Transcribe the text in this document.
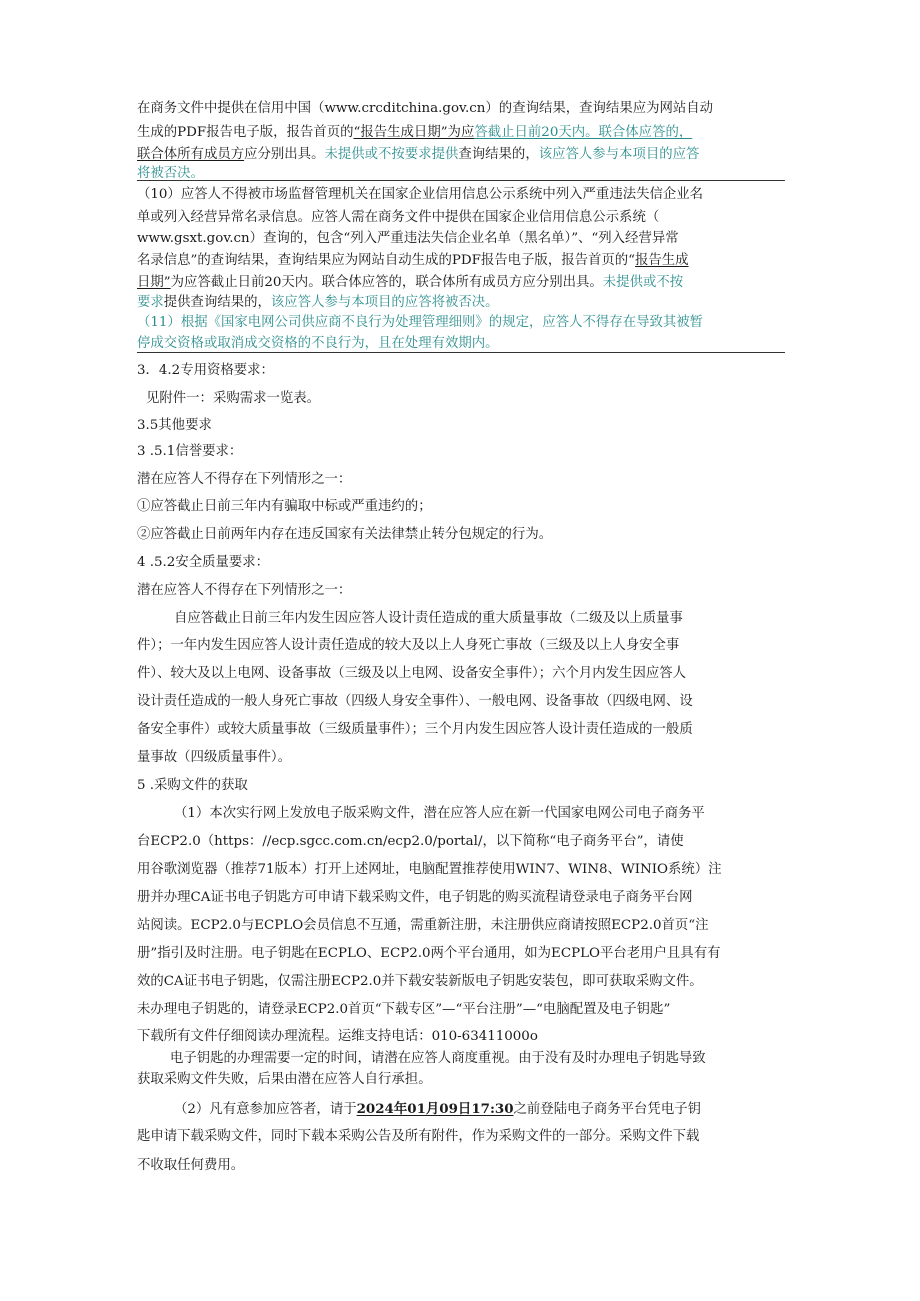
在商务文件中提供在信用中国（www.crcditchina.gov.cn）的查询结果，查询结果应为网站自动
生成的PDF报告电子版，报告首页的“报告生成日期”为应答截止日前20天内。联合体应答的，
联合体所有成员方应分别出具。未提供或不按要求提供查询结果的，该应答人参与本项目的应答
将被否决。
（10）应答人不得被市场监督管理机关在国家企业信用信息公示系统中列入严重违法失信企业名
单或列入经营异常名录信息。应答人需在商务文件中提供在国家企业信用信息公示系统（
www.gsxt.gov.cn）查询的，包含“列入严重违法失信企业名单（黑名单）”、“列入经营异常
名录信息”的查询结果，查询结果应为网站自动生成的PDF报告电子版，报告首页的“报告生成
日期”为应答截止日前20天内。联合体应答的，联合体所有成员方应分别出具。未提供或不按
要求提供查询结果的，该应答人参与本项目的应答将被否决。
（11）根据《国家电网公司供应商不良行为处理管理细则》的规定，应答人不得存在导致其被暂
停成交资格或取消成交资格的不良行为，且在处理有效期内。
3．4.2专用资格要求：
见附件一：采购需求一览表。
3.5其他要求
3 .5.1信誉要求：
潜在应答人不得存在下列情形之一：
①应答截止日前三年内有骗取中标或严重违约的；
②应答截止日前两年内存在违反国家有关法律禁止转分包规定的行为。
4 .5.2安全质量要求：
潜在应答人不得存在下列情形之一：
自应答截止日前三年内发生因应答人设计责任造成的重大质量事故（二级及以上质量事
件）；一年内发生因应答人设计责任造成的较大及以上人身死亡事故（三级及以上人身安全事
件）、较大及以上电网、设备事故（三级及以上电网、设备安全事件）；六个月内发生因应答人
设计责任造成的一般人身死亡事故（四级人身安全事件）、一般电网、设备事故（四级电网、设
备安全事件）或较大质量事故（三级质量事件）；三个月内发生因应答人设计责任造成的一般质
量事故（四级质量事件）。
5 .采购文件的获取
（1）本次实行网上发放电子版采购文件，潜在应答人应在新一代国家电网公司电子商务平
台ECP2.0（https：//ecp.sgcc.com.cn/ecp2.0/portal/，以下简称“电子商务平台”，请使
用谷歌浏览器（推荐71版本）打开上述网址，电脑配置推荐使用WIN7、WIN8、WINIO系统）注
册并办理CA证书电子钥匙方可申请下载采购文件，电子钥匙的购买流程请登录电子商务平台网
站阅读。ECP2.0与ECPLO会员信息不互通，需重新注册，未注册供应商请按照ECP2.0首页“注
册”指引及时注册。电子钥匙在ECPLO、ECP2.0两个平台通用，如为ECPLO平台老用户且具有有
效的CA证书电子钥匙，仅需注册ECP2.0并下载安装新版电子钥匙安装包，即可获取采购文件。
未办理电子钥匙的，请登录ECP2.0首页“下载专区”—“平台注册”—“电脑配置及电子钥匙”
下载所有文件仔细阅读办理流程。运维支持电话：010-63411000o
电子钥匙的办理需要一定的时间，请潜在应答人商度重视。由于没有及时办理电子钥匙导致
获取采购文件失败，后果由潜在应答人自行承担。
（2）凡有意参加应答者，请于2024年01月09日17:30之前登陆电子商务平台凭电子钥
匙申请下载采购文件，同时下载本采购公告及所有附件，作为采购文件的一部分。采购文件下载
不收取任何费用。
